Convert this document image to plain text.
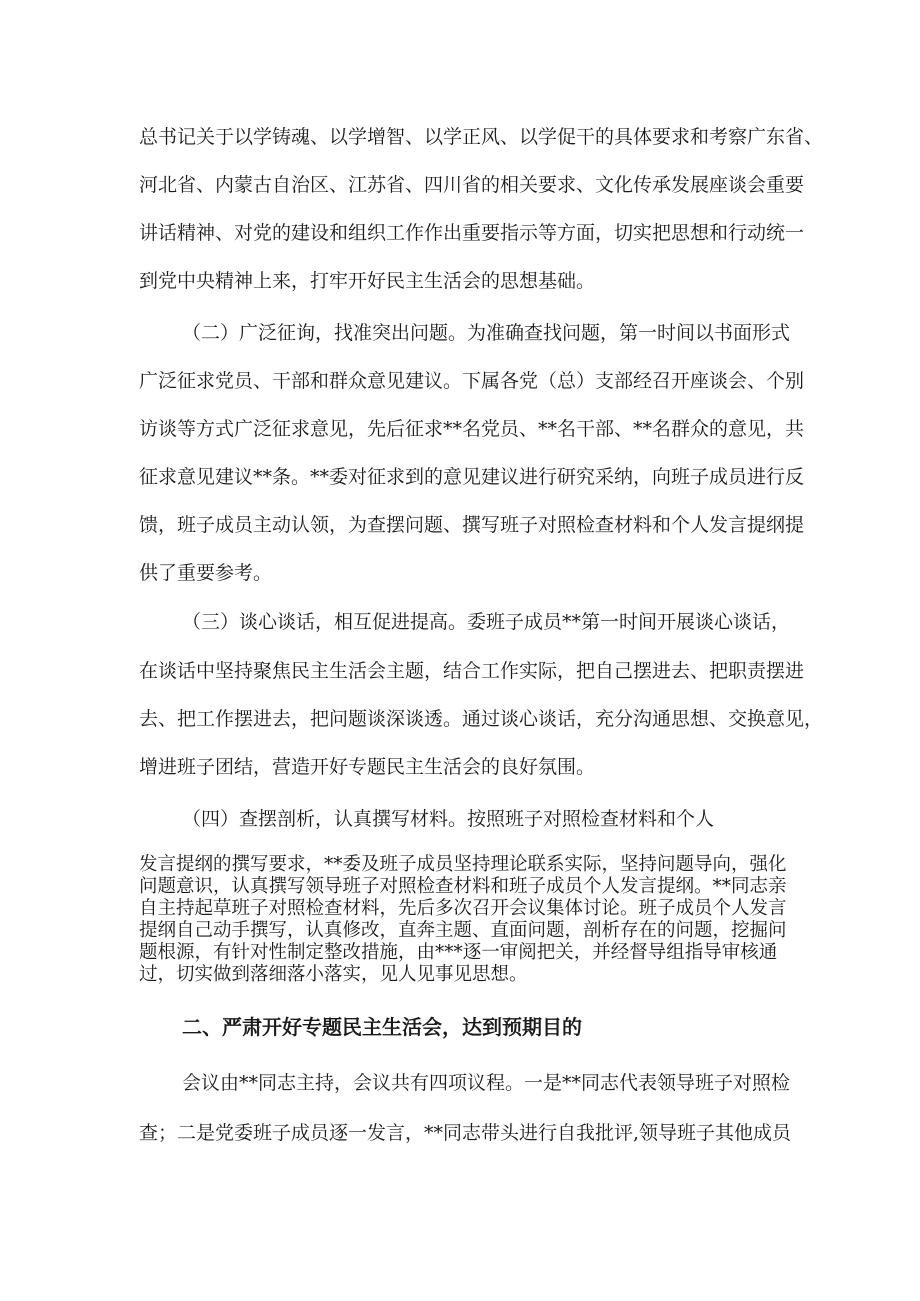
总书记关于以学铸魂、以学增智、以学正风、以学促干的具体要求和考察广东省、

河北省、内蒙古自治区、江苏省、四川省的相关要求、文化传承发展座谈会重要

讲话精神、对党的建设和组织工作作出重要指示等方面，切实把思想和行动统一

到党中央精神上来，打牢开好民主生活会的思想基础。

（二）广泛征询，找准突出问题。为准确查找问题，第一时间以书面形式

广泛征求党员、干部和群众意见建议。下属各党（总）支部经召开座谈会、个别

访谈等方式广泛征求意见，先后征求**名党员、**名干部、**名群众的意见，共

征求意见建议**条。**委对征求到的意见建议进行研究采纳，向班子成员进行反

馈，班子成员主动认领，为查摆问题、撰写班子对照检查材料和个人发言提纲提

供了重要参考。

（三）谈心谈话，相互促进提高。委班子成员**第一时间开展谈心谈话，

在谈话中坚持聚焦民主生活会主题，结合工作实际，把自己摆进去、把职责摆进

去、把工作摆进去，把问题谈深谈透。通过谈心谈话，充分沟通思想、交换意见，

增进班子团结，营造开好专题民主生活会的良好氛围。

（四）查摆剖析，认真撰写材料。按照班子对照检查材料和个人

发言提纲的撰写要求，**委及班子成员坚持理论联系实际，坚持问题导向，强化

问题意识，认真撰写领导班子对照检查材料和班子成员个人发言提纲。**同志亲

自主持起草班子对照检查材料，先后多次召开会议集体讨论。班子成员个人发言

提纲自己动手撰写，认真修改，直奔主题、直面问题，剖析存在的问题，挖掘问

题根源，有针对性制定整改措施，由***逐一审阅把关，并经督导组指导审核通

过，切实做到落细落小落实，见人见事见思想。

二、严肃开好专题民主生活会，达到预期目的

会议由**同志主持，会议共有四项议程。一是**同志代表领导班子对照检

查；二是党委班子成员逐一发言，**同志带头进行自我批评,领导班子其他成员
